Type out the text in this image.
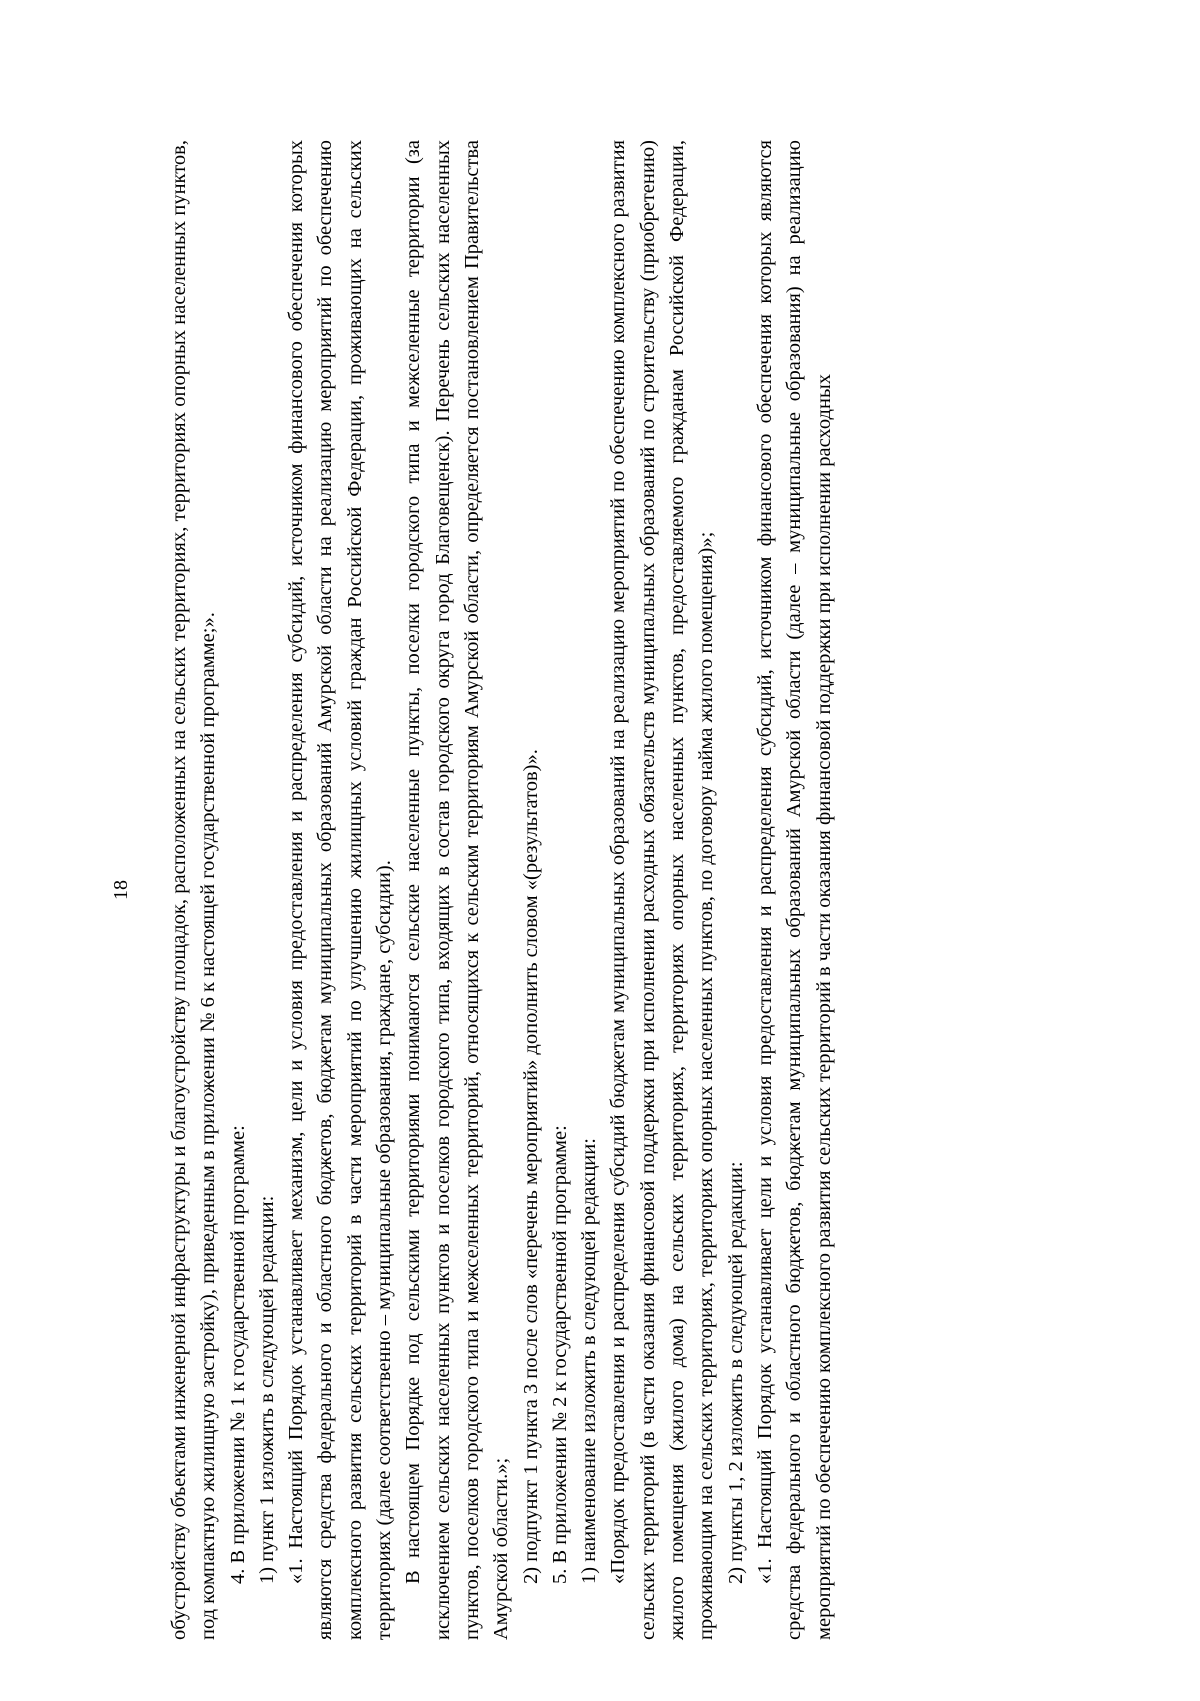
18 обустройству объектами инженерной инфраструктуры и благоустройству площадок, расположенных на сельских территориях, территориях опорных населенных пунктов, под компактную жилищную застройку), приведенным в приложении № 6 к настоящей государственной программе;». 4. В приложении № 1 к государственной программе: 1) пункт 1 изложить в следующей редакции: «1. Настоящий Порядок устанавливает механизм, цели и условия предоставления и распределения субсидий, источником финансового обеспечения которых являются средства федерального и областного бюджетов, бюджетам муниципальных образований Амурской области на реализацию мероприятий по обеспечению комплексного развития сельских территорий в части мероприятий по улучшению жилищных условий граждан Российской Федерации, проживающих на сельских территориях (далее соответственно – муниципальные образования, граждане, субсидии). В настоящем Порядке под сельскими территориями понимаются сельские населенные пункты, поселки городского типа и межселенные территории (за исключением сельских населенных пунктов и поселков городского типа, входящих в состав городского округа город Благовещенск). Перечень сельских населенных пунктов, поселков городского типа и межселенных территорий, относящихся к сельским территориям Амурской области, определяется постановлением Правительства Амурской области.»; 2) подпункт 1 пункта 3 после слов «перечень мероприятий» дополнить словом «(результатов)». 5. В приложении № 2 к государственной программе: 1) наименование изложить в следующей редакции: «Порядок предоставления и распределения субсидий бюджетам муниципальных образований на реализацию мероприятий по обеспечению комплексного развития сельских территорий (в части оказания финансовой поддержки при исполнении расходных обязательств муниципальных образований по строительству (приобретению) жилого помещения (жилого дома) на сельских территориях, территориях опорных населенных пунктов, предоставляемого гражданам Российской Федерации, проживающим на сельских территориях, территориях опорных населенных пунктов, по договору найма жилого помещения)»; 2) пункты 1, 2 изложить в следующей редакции: «1. Настоящий Порядок устанавливает цели и условия предоставления и распределения субсидий, источником финансового обеспечения которых являются средства федерального и областного бюджетов, бюджетам муниципальных образований Амурской области (далее – муниципальные образования) на реализацию мероприятий по обеспечению комплексного развития сельских территорий в части оказания финансовой поддержки при исполнении расходных
